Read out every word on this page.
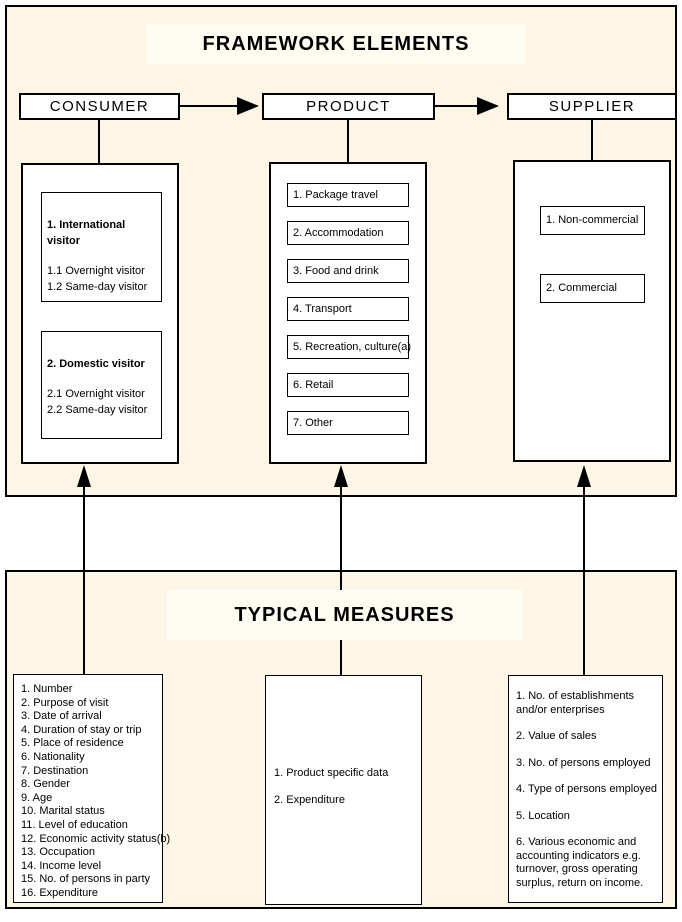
FRAMEWORK ELEMENTS
CONSUMER	PRODUCT	SUPPLIER
1. International visitor
1.1 Overnight visitor
1.2 Same-day visitor
2. Domestic visitor
2.1 Overnight visitor
2.2 Same-day visitor
1. Package travel
2. Accommodation
3. Food and drink
4. Transport
5. Recreation, culture(a)
6. Retail
7. Other
1. Non-commercial
2. Commercial
TYPICAL MEASURES
1. Number
2. Purpose of visit
3. Date of arrival
4. Duration of stay or trip
5. Place of residence
6. Nationality
7. Destination
8. Gender
9. Age
10. Marital status
11. Level of education
12. Economic activity status(b)
13. Occupation
14. Income level
15. No. of persons in party
16. Expenditure
1. Product specific data
2. Expenditure
1. No. of establishments and/or enterprises
2. Value of sales
3. No. of persons employed
4. Type of persons employed
5. Location
6. Various economic and accounting indicators e.g. turnover, gross operating surplus, return on income.
